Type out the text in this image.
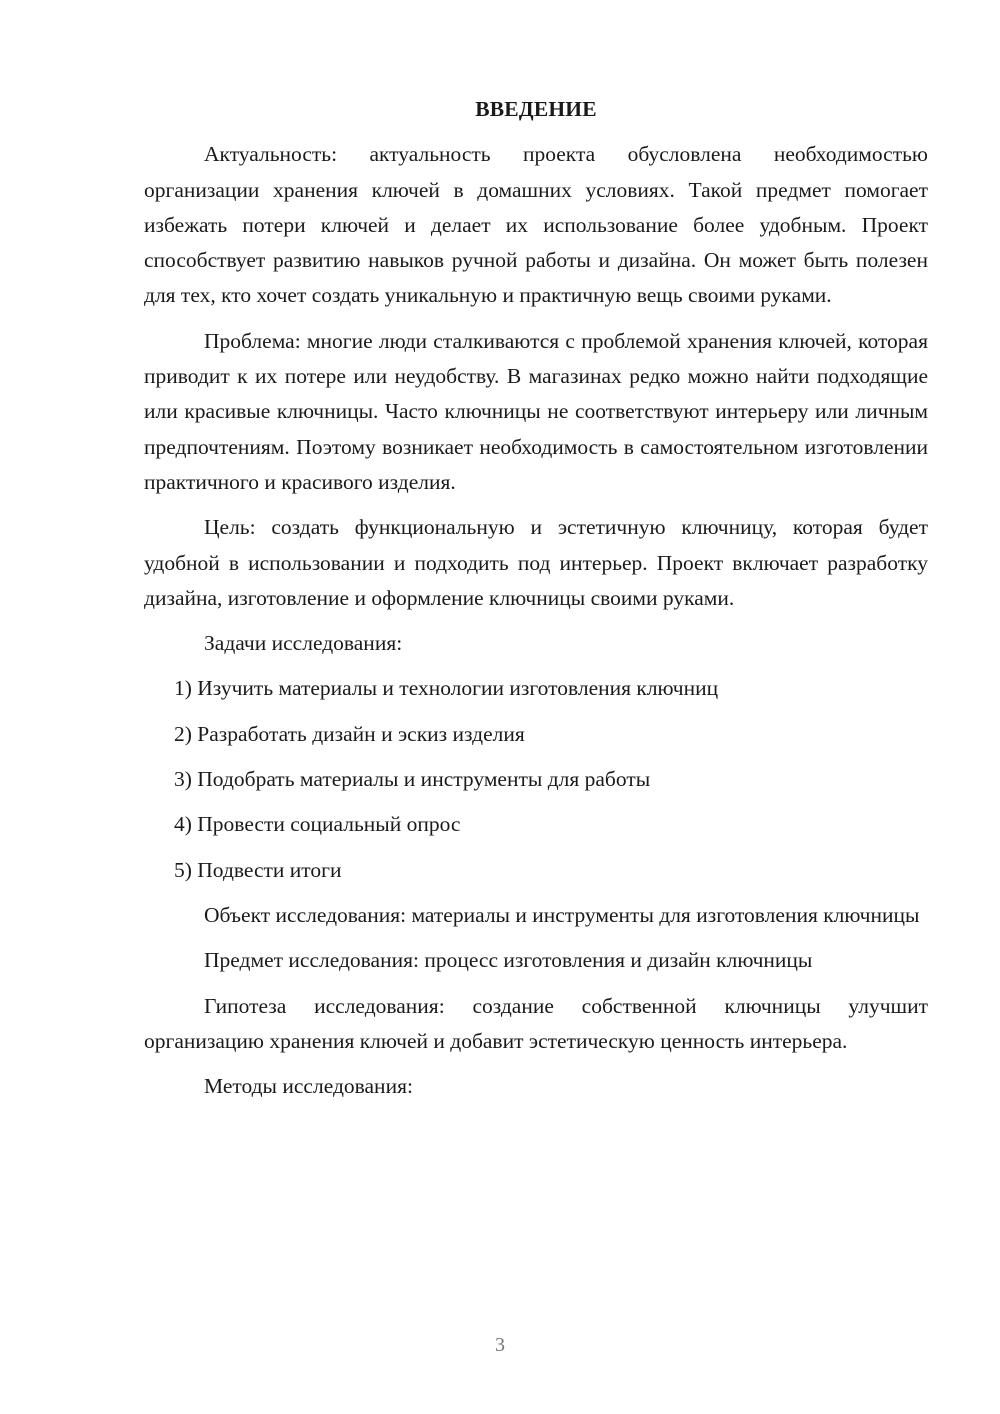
ВВЕДЕНИЕ

Актуальность: актуальность проекта обусловлена необходимостью организации хранения ключей в домашних условиях. Такой предмет помогает избежать потери ключей и делает их использование более удобным. Проект способствует развитию навыков ручной работы и дизайна. Он может быть полезен для тех, кто хочет создать уникальную и практичную вещь своими руками.

Проблема: многие люди сталкиваются с проблемой хранения ключей, которая приводит к их потере или неудобству. В магазинах редко можно найти подходящие или красивые ключницы. Часто ключницы не соответствуют интерьеру или личным предпочтениям. Поэтому возникает необходимость в самостоятельном изготовлении практичного и красивого изделия.

Цель: создать функциональную и эстетичную ключницу, которая будет удобной в использовании и подходить под интерьер. Проект включает разработку дизайна, изготовление и оформление ключницы своими руками.

Задачи исследования:

1) Изучить материалы и технологии изготовления ключниц
2) Разработать дизайн и эскиз изделия
3) Подобрать материалы и инструменты для работы
4) Провести социальный опрос
5) Подвести итоги

Объект исследования: материалы и инструменты для изготовления ключницы

Предмет исследования: процесс изготовления и дизайн ключницы

Гипотеза исследования: создание собственной ключницы улучшит организацию хранения ключей и добавит эстетическую ценность интерьера.

Методы исследования:

3
